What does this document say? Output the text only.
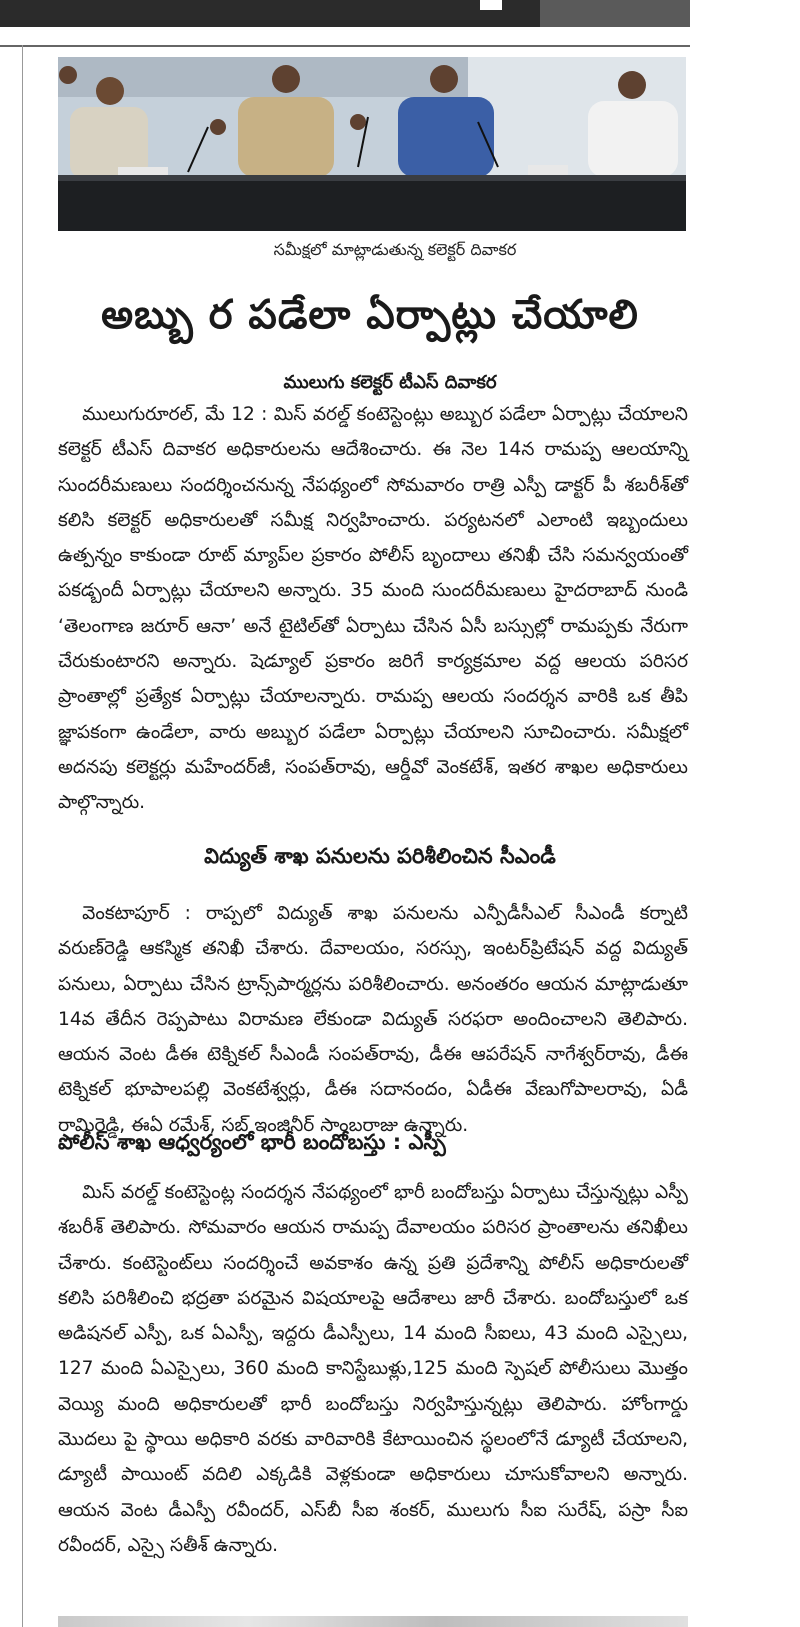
సమీక్షలో మాట్లాడుతున్న కలెక్టర్ దివాకర
అబ్బు ర పడేలా ఏర్పాట్లు చేయాలి
ములుగు కలెక్టర్ టీఎస్ దివాకర

ములుగురూరల్, మే 12 : మిస్ వరల్డ్ కంటెస్టెంట్లు అబ్బుర పడేలా ఏర్పాట్లు చేయాలని కలెక్టర్ టీఎస్ దివాకర అధికారులను ఆదేశించారు. ఈ నెల 14న రామప్ప ఆలయాన్ని సుందరీమణులు సందర్శించనున్న నేపథ్యంలో సోమవారం రాత్రి ఎస్పీ డాక్టర్ పీ శబరీశ్‌తో కలిసి కలెక్టర్ అధికారులతో సమీక్ష నిర్వహించారు. పర్యటనలో ఎలాంటి ఇబ్బందులు ఉత్పన్నం కాకుండా రూట్ మ్యాప్‌ల ప్రకారం పోలీస్ బృందాలు తనిఖీ చేసి సమన్వయంతో పకడ్బందీ ఏర్పాట్లు చేయాలని అన్నారు. 35 మంది సుందరీమణులు హైదరాబాద్ నుండి ‘తెలంగాణ జరూర్ ఆనా’ అనే టైటిల్‌తో ఏర్పాటు చేసిన ఏసీ బస్సుల్లో రామప్పకు నేరుగా చేరుకుంటారని అన్నారు. షెడ్యూల్ ప్రకారం జరిగే కార్యక్రమాల వద్ద ఆలయ పరిసర ప్రాంతాల్లో ప్రత్యేక ఏర్పాట్లు చేయాలన్నారు. రామప్ప ఆలయ సందర్శన వారికి ఒక తీపి జ్ఞాపకంగా ఉండేలా, వారు అబ్బుర పడేలా ఏర్పాట్లు చేయాలని సూచించారు. సమీక్షలో అదనపు కలెక్టర్లు మహేందర్‌జీ, సంపత్‌రావు, ఆర్డీవో వెంకటేశ్, ఇతర శాఖల అధికారులు పాల్గొన్నారు.

విద్యుత్ శాఖ పనులను పరిశీలించిన సీఎండీ

వెంకటాపూర్ : రాప్పలో విద్యుత్ శాఖ పనులను ఎన్పీడీసీఎల్ సీఎండీ కర్నాటి వరుణ్‌రెడ్డి ఆకస్మిక తనిఖీ చేశారు. దేవాలయం, సరస్సు, ఇంటర్‌ప్రిటేషన్ వద్ద విద్యుత్ పనులు, ఏర్పాటు చేసిన ట్రాన్స్‌పార్మర్లను పరిశీలించారు. అనంతరం ఆయన మాట్లాడుతూ 14వ తేదీన రెప్పపాటు విరామణ లేకుండా విద్యుత్ సరఫరా అందించాలని తెలిపారు. ఆయన వెంట డీఈ టెక్నికల్ సీఎండీ సంపత్‌రావు, డీఈ ఆపరేషన్ నాగేశ్వర్‌రావు, డీఈ టెక్నికల్ భూపాలపల్లి వెంకటేశ్వర్లు, డీఈ సదానందం, ఏడీఈ వేణుగోపాలరావు, ఏడీ రామిరెడ్డి, ఈఏ రమేశ్, సబ్ ఇంజినీర్ సాంబరాజు ఉన్నారు.

పోలీస్ శాఖ ఆధ్వర్యంలో భారీ బందోబస్తు : ఎస్పీ

మిస్ వరల్డ్ కంటెస్టెంట్ల సందర్శన నేపథ్యంలో భారీ బందోబస్తు ఏర్పాటు చేస్తున్నట్లు ఎస్పీ శబరీశ్ తెలిపారు. సోమవారం ఆయన రామప్ప దేవాలయం పరిసర ప్రాంతాలను తనిఖీలు చేశారు. కంటెస్టెంట్‌లు సందర్శించే అవకాశం ఉన్న ప్రతి ప్రదేశాన్ని పోలీస్ అధికారులతో కలిసి పరిశీలించి భద్రతా పరమైన విషయాలపై ఆదేశాలు జారీ చేశారు. బందోబస్తులో ఒక అడిషనల్ ఎస్పీ, ఒక ఏఎస్పీ, ఇద్దరు డీఎస్పీలు, 14 మంది సీఐలు, 43 మంది ఎస్సైలు, 127 మంది ఏఎస్సైలు, 360 మంది కానిస్టేబుళ్లు,125 మంది స్పెషల్ పోలీసులు మొత్తం వెయ్యి మంది అధికారులతో భారీ బందోబస్తు నిర్వహిస్తున్నట్లు తెలిపారు. హోంగార్డు మొదలు పై స్థాయి అధికారి వరకు వారివారికి కేటాయించిన స్థలంలోనే డ్యూటీ చేయాలని, డ్యూటీ పాయింట్ వదిలి ఎక్కడికి వెళ్లకుండా అధికారులు చూసుకోవాలని అన్నారు. ఆయన వెంట డీఎస్పీ రవీందర్, ఎస్‌బీ సీఐ శంకర్, ములుగు సీఐ సురేష్, పస్రా సీఐ రవీందర్, ఎస్సై సతీశ్ ఉన్నారు.
